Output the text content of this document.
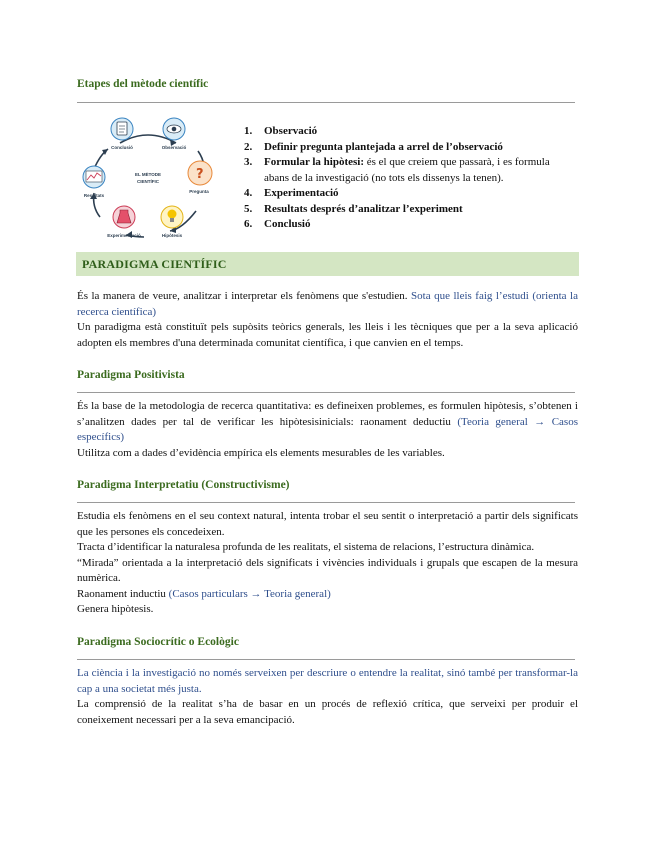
Etapes del mètode científic
?
EL MÈTODE
CIENTÍFIC
Conclusió	Observació
Pregunta
Hipòtesis
Experimentació
Resultats
1. Observació
2. Definir pregunta plantejada a arrel de l’observació
3. Formular la hipòtesi: és el que creiem que passarà, i es formula abans de la investigació (no tots els dissenys la tenen).
4. Experimentació
5. Resultats després d’analitzar l’experiment
6. Conclusió
PARADIGMA CIENTÍFIC

És la manera de veure, analitzar i interpretar els fenòmens que s'estudien. Sota que lleis faig l’estudi (orienta la recerca científica)

Un paradigma està constituït pels supòsits teòrics generals, les lleis i les tècniques que per a la seva aplicació adopten els membres d'una determinada comunitat científica, i que canvien en el temps.

Paradigma Positivista

És la base de la metodologia de recerca quantitativa: es defineixen problemes, es formulen hipòtesis, s’obtenen i s’analitzen dades per tal de verificar les hipòtesisinicials: raonament deductiu (Teoria general → Casos específics)

Utilitza com a dades d’evidència empírica els elements mesurables de les variables.

Paradigma Interpretatiu (Constructivisme)

Estudia els fenòmens en el seu context natural, intenta trobar el seu sentit o interpretació a partir dels significats que les persones els concedeixen.

Tracta d’identificar la naturalesa profunda de les realitats, el sistema de relacions, l’estructura dinàmica.

“Mirada” orientada a la interpretació dels significats i vivències individuals i grupals que escapen de la mesura numèrica.

Raonament inductiu (Casos particulars → Teoria general)

Genera hipòtesis.

Paradigma Sociocrític o Ecològic

La ciència i la investigació no només serveixen per descriure o entendre la realitat, sinó també per transformar-la cap a una societat més justa.

La comprensió de la realitat s’ha de basar en un procés de reflexió crítica, que serveixi per produir el coneixement necessari per a la seva emancipació.
